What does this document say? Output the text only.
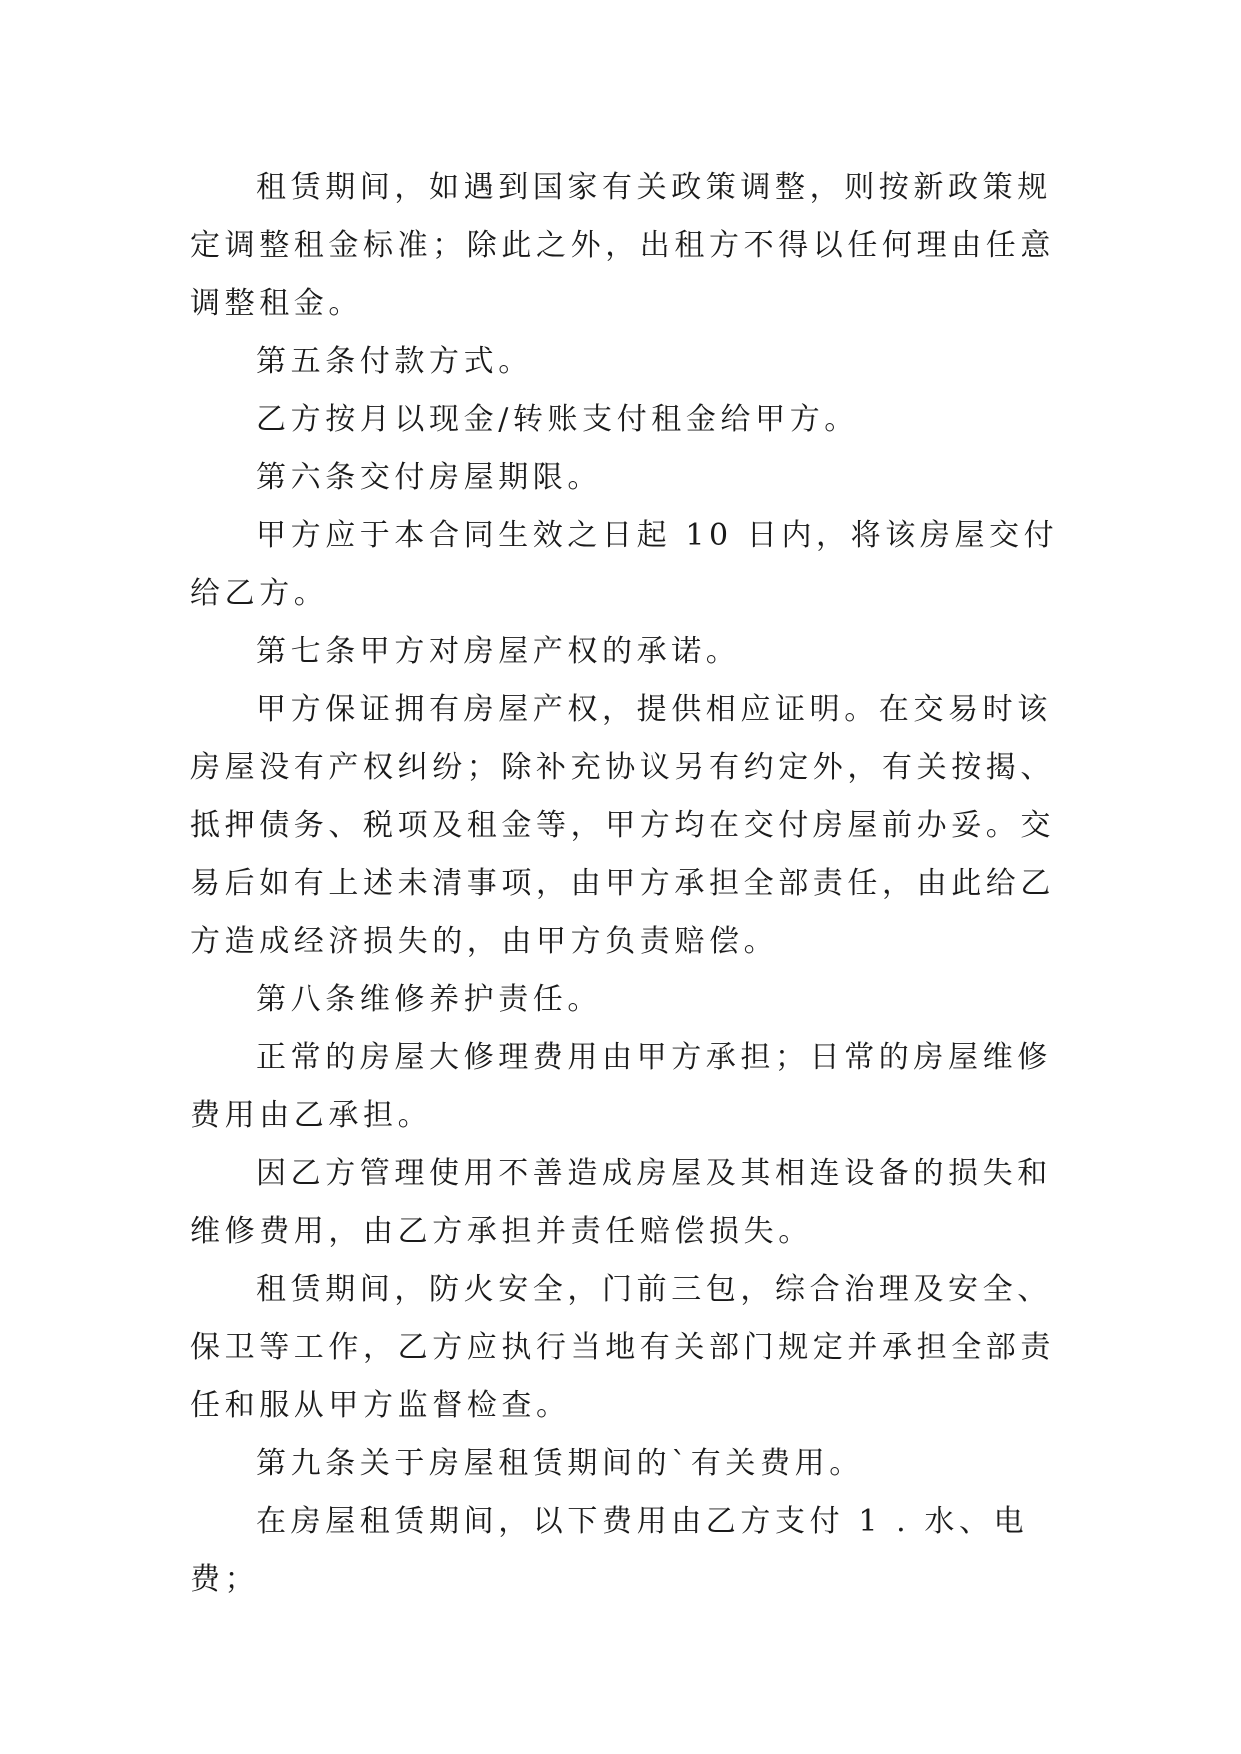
租赁期间，如遇到国家有关政策调整，则按新政策规定调整租金标准；除此之外，出租方不得以任何理由任意调整租金。

第五条付款方式。

乙方按月以现金/转账支付租金给甲方。

第六条交付房屋期限。

甲方应于本合同生效之日起 10 日内，将该房屋交付给乙方。

第七条甲方对房屋产权的承诺。

甲方保证拥有房屋产权，提供相应证明。在交易时该房屋没有产权纠纷；除补充协议另有约定外，有关按揭、抵押债务、税项及租金等，甲方均在交付房屋前办妥。交易后如有上述未清事项，由甲方承担全部责任，由此给乙方造成经济损失的，由甲方负责赔偿。

第八条维修养护责任。

正常的房屋大修理费用由甲方承担；日常的房屋维修费用由乙承担。

因乙方管理使用不善造成房屋及其相连设备的损失和维修费用，由乙方承担并责任赔偿损失。

租赁期间，防火安全，门前三包，综合治理及安全、保卫等工作，乙方应执行当地有关部门规定并承担全部责任和服从甲方监督检查。

第九条关于房屋租赁期间的`有关费用。

在房屋租赁期间，以下费用由乙方支付 1 . 水、电费；
